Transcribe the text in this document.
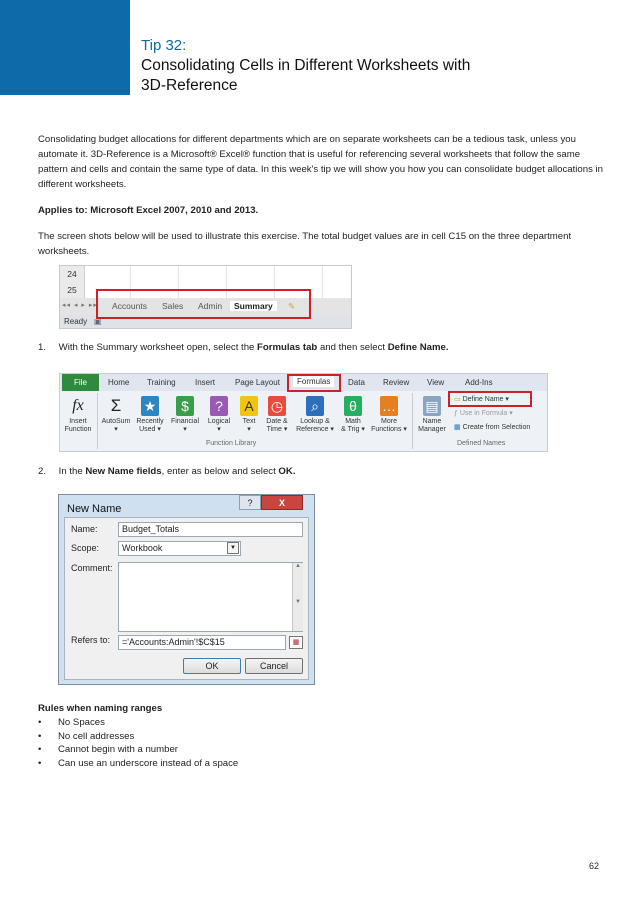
Tip 32:
Consolidating Cells in Different Worksheets with
3D-Reference

Consolidating budget allocations for different departments which are on separate worksheets can be a tedious task, unless you automate it. 3D-Reference is a Microsoft® Excel® function that is useful for referencing several worksheets that follow the same pattern and cells and contain the same type of data. In this week's tip we will show you how you can consolidate budget allocations in different worksheets.

Applies to: Microsoft Excel 2007, 2010 and 2013.

The screen shots below will be used to illustrate this exercise. The total budget values are in cell C15 on the three department worksheets.

24
25
◂◂ ◂ ▸ ▸▸ Accounts Sales Admin	Summary	✎
Ready ▣
1. With the Summary worksheet open, select the Formulas tab and then select Define Name.
File	Home Training Insert Page Layout	Formulas	Data Review View	Add-Ins
fx
Insert
Function
Σ
AutoSum
▾
★
Recently
Used ▾
$
Financial
▾
?
Logical
▾
A
Text
▾
◷
Date &
Time ▾
⌕
Lookup &
Reference ▾
θ
Math
& Trig ▾
…
More
Functions ▾
Function Library
▤
Name
Manager
▭ Define Name ▾
ƒ Use in Formula ▾
▦ Create from Selection
Defined Names
2. In the New Name fields, enter as below and select OK.
New Name	?	X
Name:	Budget_Totals
Scope:	Workbook	▼
Comment:	▲

▼
Refers to:	='Accounts:Admin'!$C$15	▦
OK	Cancel
Rules when naming ranges
• No Spaces
• No cell addresses
• Cannot begin with a number
• Can use an underscore instead of a space
62
